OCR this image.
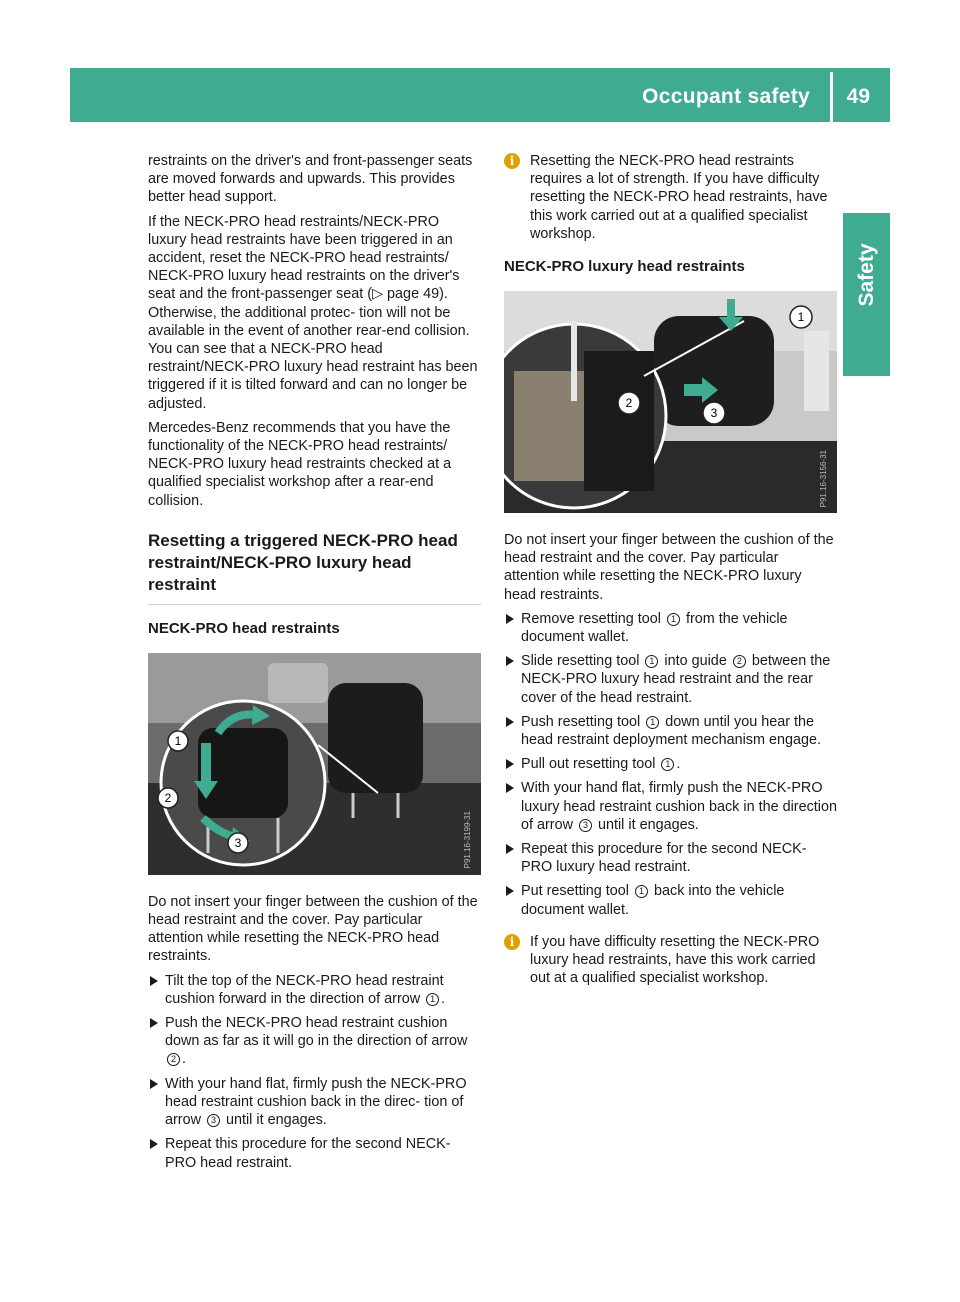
Occupant safety 49
Safety

restraints on the driver's and front-passenger seats are moved forwards and upwards. This provides better head support.

If the NECK-PRO head restraints/NECK-PRO luxury head restraints have been triggered in an accident, reset the NECK-PRO head restraints/ NECK-PRO luxury head restraints on the driver's seat and the front-passenger seat (▷ page 49). Otherwise, the additional protec- tion will not be available in the event of another rear-end collision. You can see that a NECK-PRO head restraint/NECK-PRO luxury head restraint has been triggered if it is tilted forward and can no longer be adjusted.

Mercedes-Benz recommends that you have the functionality of the NECK-PRO head restraints/ NECK-PRO luxury head restraints checked at a qualified specialist workshop after a rear-end collision.

Resetting a triggered NECK-PRO head restraint/NECK-PRO luxury head restraint
NECK-PRO head restraints
1
2
3	P91.16-3199-31

Do not insert your finger between the cushion of the head restraint and the cover. Pay particular attention while resetting the NECK-PRO head restraints.

Tilt the top of the NECK-PRO head restraint cushion forward in the direction of arrow 1 .
Push the NECK-PRO head restraint cushion down as far as it will go in the direction of arrow 2 .
With your hand flat, firmly push the NECK-PRO head restraint cushion back in the direc- tion of arrow 3 until it engages.
Repeat this procedure for the second NECK-PRO head restraint.
i	Resetting the NECK-PRO head restraints requires a lot of strength. If you have difficulty resetting the NECK-PRO head restraints, have this work carried out at a qualified specialist workshop.
NECK-PRO luxury head restraints
1
2
3
P91.16-3156-31

Do not insert your finger between the cushion of the head restraint and the cover. Pay particular attention while resetting the NECK-PRO luxury head restraints.

Remove resetting tool 1 from the vehicle document wallet.
Slide resetting tool 1 into guide 2 between the NECK-PRO luxury head restraint and the rear cover of the head restraint.
Push resetting tool 1 down until you hear the head restraint deployment mechanism engage.
Pull out resetting tool 1 .
With your hand flat, firmly push the NECK-PRO luxury head restraint cushion back in the direction of arrow 3 until it engages.
Repeat this procedure for the second NECK-PRO luxury head restraint.
Put resetting tool 1 back into the vehicle document wallet.
i	If you have difficulty resetting the NECK-PRO luxury head restraints, have this work carried out at a qualified specialist workshop.
